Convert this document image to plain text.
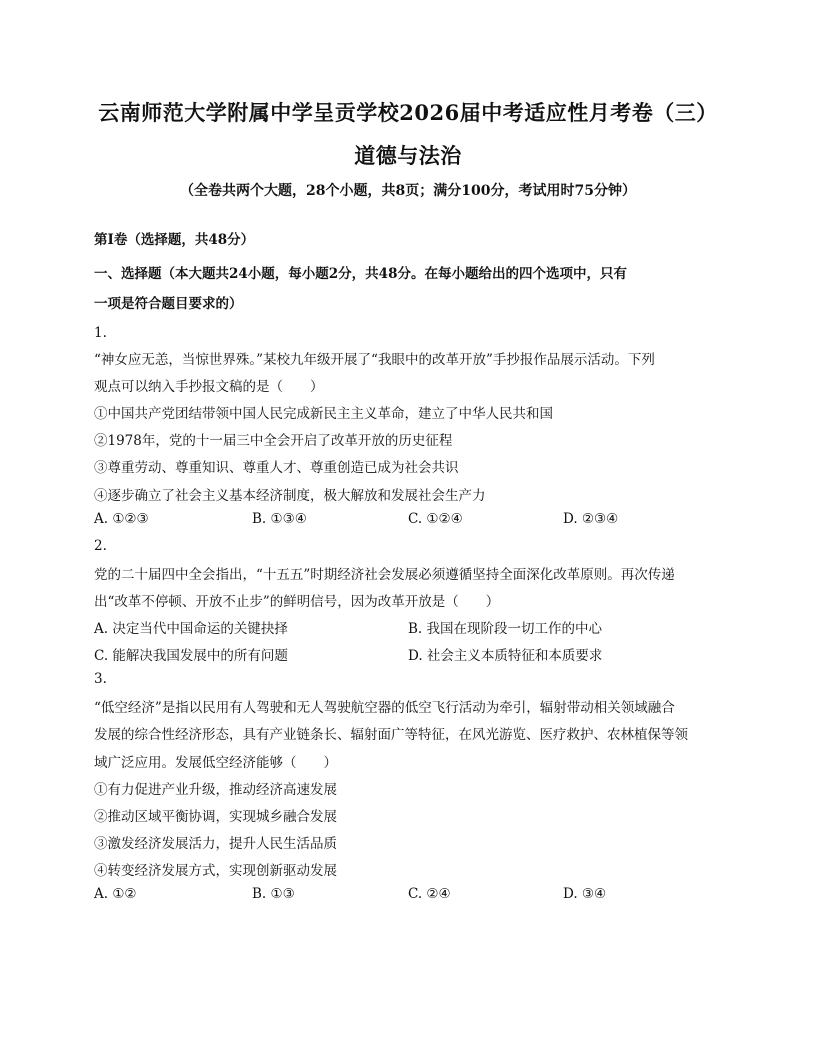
云南师范大学附属中学呈贡学校2026届中考适应性月考卷（三）
道德与法治
（全卷共两个大题，28个小题，共8页；满分100分，考试用时75分钟）
第Ⅰ卷（选择题，共48分）
一、选择题（本大题共24小题，每小题2分，共48分。在每小题给出的四个选项中，只有
一项是符合题目要求的）
1.
“神女应无恙，当惊世界殊。”某校九年级开展了“我眼中的改革开放”手抄报作品展示活动。下列
观点可以纳入手抄报文稿的是（　　）
①中国共产党团结带领中国人民完成新民主主义革命，建立了中华人民共和国
②1978年，党的十一届三中全会开启了改革开放的历史征程
③尊重劳动、尊重知识、尊重人才、尊重创造已成为社会共识
④逐步确立了社会主义基本经济制度，极大解放和发展社会生产力
A. ①②③	B. ①③④	C. ①②④	D. ②③④
2.
党的二十届四中全会指出，“十五五”时期经济社会发展必须遵循坚持全面深化改革原则。再次传递
出“改革不停顿、开放不止步”的鲜明信号，因为改革开放是（　　）
A. 决定当代中国命运的关键抉择	B. 我国在现阶段一切工作的中心
C. 能解决我国发展中的所有问题	D. 社会主义本质特征和本质要求
3.
“低空经济”是指以民用有人驾驶和无人驾驶航空器的低空飞行活动为牵引，辐射带动相关领域融合
发展的综合性经济形态，具有产业链条长、辐射面广等特征，在风光游览、医疗救护、农林植保等领
域广泛应用。发展低空经济能够（　　）
①有力促进产业升级，推动经济高速发展
②推动区域平衡协调，实现城乡融合发展
③激发经济发展活力，提升人民生活品质
④转变经济发展方式，实现创新驱动发展
A. ①②	B. ①③	C. ②④	D. ③④
